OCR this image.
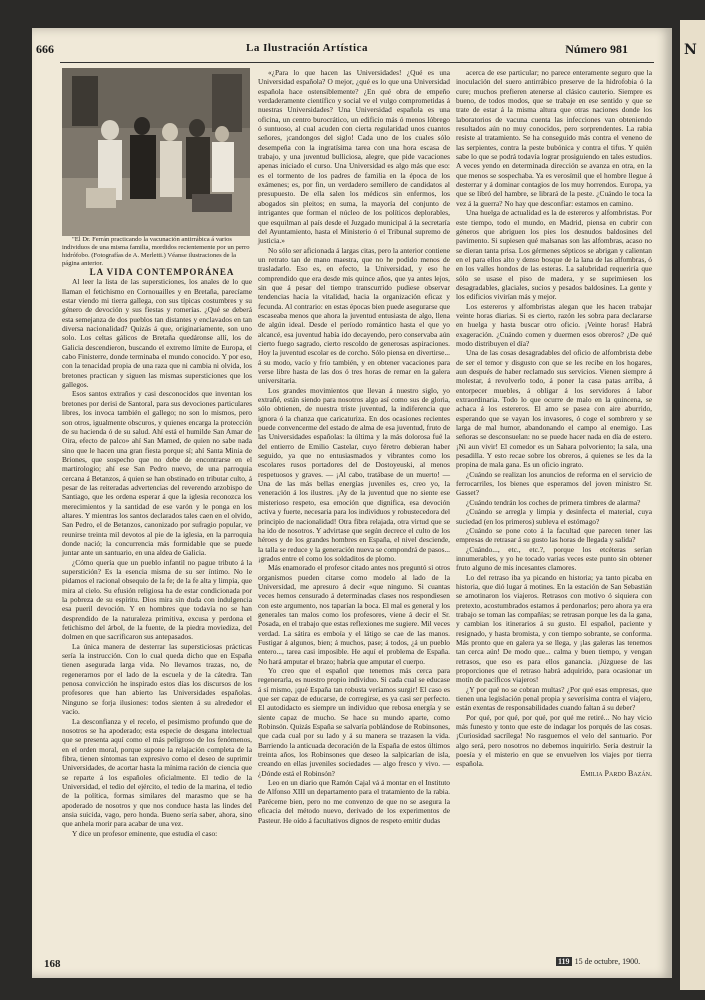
N
666	La Ilustración Artística	Número 981

"El Dr. Ferrán practicando la vacunación antirrábica á varios individuos de una misma familia, mordidos recientemente por un perro hidrófobo. (Fotografías de A. Merletti.) Véanse ilustraciones de la página anterior.

LA VIDA CONTEMPORÁNEA

Al leer la lista de las supersticiones, los anales de lo que llaman el fetichismo en Cornouailles y en Bretaña, parecíame estar viendo mi tierra gallega, con sus típicas costumbres y su género de devoción y sus fiestas y romerías. ¿Qué se deberá esta semejanza de dos pueblos tan distantes y enclavados en tan diversa nacionalidad? Quizás á que, originariamente, son uno solo. Los celtas gálicos de Bretaña quedáronse allí, los de Galicia descendieron, buscando el extremo límite de Europa, el cabo Finisterre, donde terminaba el mundo conocido. Y por eso, con la tenacidad propia de una raza que ni cambia ni olvida, los bretones practican y siguen las mismas supersticiones que los gallegos.

Esos santos extraños y casi desconocidos que inventan los bretones por derisi de Santoral, para sus devociones particulares libres, los invoca también el gallego; no son lo mismos, pero son otros, igualmente obscuros, y quienes encarga la protección de su hacienda ó de su salud. Ahí está el humilde San Amar de Oira, efecto de palco» ahí San Mamed, de quien no sabe nada sino que le hacen una gran fiesta porque sí; ahí Santa Minia de Briones, que sospecho que no debe de encontrarse en el martirologio; ahí ese San Pedro nuevo, de una parroquia cercana á Betanzos, á quien se han obstinado en tributar culto, á pesar de las reiteradas advertencias del reverendo arzobispo de Santiago, que les ordena esperar á que la iglesia reconozca los merecimientos y la santidad de ese varón y le ponga en los altares. Y mientras los santos declarados tales caen en el olvido, San Pedro, el de Betanzos, canonizado por sufragio popular, ve reunirse treinta mil devotos al pie de la iglesia, en la parroquia donde nació; la concurrencia más formidable que se puede juntar ante un santuario, en una aldea de Galicia.

¿Cómo quería que un pueblo infantil no pague tributo á la superstición? Es la esencia misma de su ser íntimo. No le pidamos el racional obsequio de la fe; de la fe alta y limpia, que mira al cielo. Su efusión religiosa ha de estar condicionada por la pobreza de su espíritu. Dios mira sin duda con indulgencia esa pueril devoción. Y en hombres que todavía no se han desprendido de la naturaleza primitiva, excusa y perdona el fetichismo del árbol, de la fuente, de la piedra moviediza, del dolmen en que sacrificaron sus antepasados.

La única manera de desterrar las supersticiosas prácticas sería la instrucción. Con lo cual queda dicho que en España tienen asegurada larga vida. No llevamos trazas, no, de regenerarnos por el lado de la escuela y de la cátedra. Tan penosa convicción he inspirado estos días los discursos de los profesores que han abierto las Universidades españolas. Ninguno se forja ilusiones: todos sienten á su alrededor el vacío.

La desconfianza y el recelo, el pesimismo profundo que de nosotros se ha apoderado; esta especie de desgana intelectual que se presenta aquí como el más peligroso de los fenómenos, en el orden moral, porque supone la relajación completa de la fibra, tienen síntomas tan expresivo como el deseo de suprimir Universidades, de acortar hasta la mínima ración de ciencia que se reparte á los españoles oficialmente. El tedio de la Universidad, el tedio del ejército, el tedio de la marina, el tedio de la política, formas similares del marasmo que se ha apoderado de nosotros y que nos conduce hasta las lindes del ansia suicida, vago, pero honda. Bueno sería saber, ahora, sino que anhela morir para acabar de una vez.

Y dice un profesor eminente, que estudia el caso:

«¿Para lo que hacen las Universidades! ¿Qué es una Universidad española? O mejor, ¿qué es lo que una Universidad española hace ostensiblemente? ¿En qué obra de empeño verdaderamente científico y social ve el vulgo comprometidas á nuestras Universidades? Una Universidad española es una oficina, un centro burocrático, un edificio más ó menos lóbrego ó suntuoso, al cual acuden con cierta regularidad unos cuantos señores, ¡candongos del siglo! Cada uno de los cuales sólo desempeña con la ingratísima tarea con una hora escasa de trabajo, y una juventud bulliciosa, alegre, que pide vacaciones apenas iniciado el curso. Una Universidad es algo más que eso: es el tormento de los padres de familia en la época de los exámenes; es, por fin, un verdadero semillero de candidatos al presupuesto. De ella salen los médicos sin enfermos, los abogados sin pleitos; en suma, la mayoría del conjunto de intrigantes que forman el núcleo de los políticos deplorables, que esquilman al país desde el Juzgado municipal á la secretaría del Ayuntamiento, hasta el Ministerio ó el Tribunal supremo de justicia.»

No sólo ser aficionada á largas citas, pero la anterior contiene un retrato tan de mano maestra, que no he podido menos de trasladarlo. Eso es, en efecto, la Universidad, y eso he comprendido que era desde mis quince años, que ya antes lejos, sin que á pesar del tiempo transcurrido pudiese observar tendencias hacia la vitalidad, hacia la organización eficaz y fecunda. Al contrario: en estas épocas bien puede asegurarse que escaseaba menos que ahora la juventud entusiasta de algo, llena de algún ideal. Desde el período romántico hasta el que yo alcancé, esa juventud había ido decayendo, pero conservaba aún cierto fuego sagrado, cierto rescoldo de generosas aspiraciones. Hoy la juventud escolar es de corcho. Sólo piensa en divertirse... á su modo, vacío y frío también, y en obtener vacaciones para verse libre hasta de las dos ó tres horas de remar en la galera universitaria.

Los grandes movimientos que llevan á nuestro siglo, yo extrañé, están siendo para nosotros algo así como sus de gloria, sólo obtienen, de nuestra triste juventud, la indiferencia que ignora ó la chanza que caricaturiza. En dos ocasiones recientes puede convencerme del estado de alma de esa juventud, fruto de las Universidades españolas: la última y la más dolorosa fué la del entierro de Emilio Castelar, cuyo féretro debieran haber seguido, ya que no entusiasmados y vibrantes como los escolares rusos portadores del de Dostoyeuski, al menos respetuosos y graves. — ¡Al cabo, tratábase de un muerto! — Una de las más bellas energías juveniles es, creo yo, la veneración á los ilustres. ¡Ay de la juventud que no siente ese misterioso respeto, esa emoción que dignifica, esa devoción activa y fuerte, necesaria para los individuos y robustecedora del principio de nacionalidad! Otra fibra relajada, otra virtud que se ha ido de nosotros. Y advirtase que según decrece el culto de los héroes y de los grandes hombres en España, el nivel desciende, la talla se reduce y la generación nueva se compondrá de pasos... ¡grados entre el como los soldaditos de plomo.

Más enamorado el profesor citado antes nos preguntó si otros organismos pueden citarse como modelo al lado de la Universidad, me apresuro á decir «que ninguno. Si cuantas veces hemos censurado á determinadas clases nos respondiesen con este argumento, nos taparían la boca. El mal es general y los generales tan malos como los profesores, viene á decir el Sr. Posada, en el trabajo que estas reflexiones me sugiere. Mil veces verdad. La sátira es emboía y el látigo se cae de las manos. Fustigar á algunos, bien; á muchos, pase; á todos, ¿á un pueblo entero..., tarea casi imposible. He aquí el problema de España. No hará amputar el brazo; habría que amputar el cuerpo.

Yo creo que el español que tenemos más cerca para regenerarla, es nuestro propio individuo. Si cada cual se educase á sí mismo, ¡qué España tan robusta veríamos surgir! El caso es que ser capaz de educarse, de corregirse, es ya casi ser perfecto. El autodidacto es siempre un individuo que rebosa energía y se siente capaz de mucho. Se hace su mundo aparte, como Robinsón. Quizás España se salvaría poblándose de Robinsones, que cada cual por su lado y á su manera se trazasen la vida. Barriendo la anticuada decoración de la España de estos últimos treinta años, los Robinsones que deseo la salpicarían de isla, creando en ellas juveniles sociedades — algo fresco y vivo. — ¿Dónde está el Robinsón?

Leo en un diario que Ramón Cajal vá á montar en el Instituto de Alfonso XIII un departamento para el tratamiento de la rabia. Paréceme bien, pero no me convenzo de que no se asegura la eficacia del método nuevo, derivado de los experimentos de Pasteur. He oído á facultativos dignos de respeto emitir dudas

acerca de ese particular; no parece enteramente seguro que la inoculación del suero antirrábico preserve de la hidrofobia ó la cure; muchos prefieren atenerse al clásico cauterio. Siempre es bueno, de todos modos, que se trabaje en ese sentido y que se trate de estar á la misma altura que otras naciones donde los laboratorios de vacuna cuenta las infecciones van obteniendo resultados aún no muy conocidos, pero sorprendentes. La rabia resiste al tratamiento. Se ha conseguido más contra el veneno de las serpientes, contra la peste bubónica y contra el tifus. Y quién sabe lo que se podrá todavía lograr prosiguiendo en tales estudios. A veces yendo en determinada dirección se avanza en otra, en la que menos se sospechaba. Ya es verosímil que el hombre llegue á desterrar y á dominar contagios de los muy horrendos. Europa, ya que se libró del hambre, se librará de la peste. ¿Cuándo le toca la vez á la guerra? No hay que desconfiar: estamos en camino.

Una huelga de actualidad es la de estereros y alfombristas. Por este tiempo, todo el mundo, en Madrid, piensa en cubrir con géneros que abriguen los pies los desnudos baldosines del pavimento. Si supiesen qué malsanas son las alfombras, acaso no se dieran tanta prisa. Los gérmenes sépticos se abrigan y calientan en el para ellos alto y denso bosque de la lana de las alfombras, ó en los valles hondos de las esteras. La salubridad requeriría que sólo se usase el piso de madera, y se suprimiesen los desagradables, glaciales, sucios y pesados baldosines. La gente y los edificios vivirían más y mejor.

Los estereros y alfombristas alegan que les hacen trabajar veinte horas diarias. Si es cierto, razón les sobra para declararse en huelga y hasta buscar otro oficio. ¡Veinte horas! Habrá exageración. ¿Cuándo comen y duermen esos obreros? ¿De qué modo distribuyen el día?

Una de las cosas desagradables del oficio de alfombrista debe de ser el temor y disgusto con que se les recibe en los hogares, aun después de haber reclamado sus servicios. Vienen siempre á molestar, á revolverlo todo, á poner la casa patas arriba, á entorpecer muebles, á obligar á los servidores á labor extraordinaria. Todo lo que ocurre de malo en la quincena, se achaca á los estereros. El amo se pasea con aire aburrido, esperando que se vayan los invasores, ó coge el sombrero y se larga de mal humor, abandonando el campo al enemigo. Las señoras se desconsuelan: no se puede hacer nada en día de estero. ¡Ni aun vivir! El comedor es un Sahara polvoriento; la sala, una pesadilla. Y esto recae sobre los obreros, á quienes se les da la propina de mala gana. Es un oficio ingrato.

¿Cuándo se realizan los anuncios de reforma en el servicio de ferrocarriles, los bienes que esperamos del joven ministro Sr. Gasset?

¿Cuándo tendrán los coches de primera timbres de alarma?

¿Cuándo se arregla y limpia y desinfecta el material, cuya suciedad (en los primeros) subleva el estómago?

¿Cuándo se pone coto á la facultad que parecen tener las empresas de retrasar á su gusto las horas de llegada y salida?

¿Cuándo..., etc., etc.?, porque los etcéteras serían innumerables, y yo he tocado varias veces este punto sin obtener fruto alguno de mis incesantes clamores.

Lo del retraso iba ya picando en historia; ya tanto picaba en historia, que dió lugar á motines. En la estación de San Sebastián se amotinaron los viajeros. Retrasos con motivo ó siquiera con pretexto, acostumbrados estamos á perdonarlos; pero ahora ya era trabajo se toman las compañías; se retrasan porque les da la gana, y cambian los itinerarios á su gusto. El español, paciente y resignado, y hasta bromista, y con tiempo sobrante, se conforma. Más pronto que en galera ya se llega, y ¡las galeras las tenemos tan cerca aún! De modo que... calma y buen tiempo, y vengan retrasos, que eso es para ellos ganancia. ¡Júzguese de las proporciones que el retraso habrá adquirido, para ocasionar un motín de pacíficos viajeros!

¿Y por qué no se cobran multas? ¿Por qué esas empresas, que tienen una legislación penal propia y severísima contra el viajero, están exentas de responsabilidades cuando faltan á su deber?

Por qué, por qué, por qué, por qué me retiré... No hay vicio más funesto y tonto que este de indagar los porqués de las cosas. ¡Curiosidad sacrílega! No rasguemos el velo del santuario. Por algo será, pero nosotros no debemos inquirirlo. Sería destruir la poesía y el misterio en que se envuelven los viajes por tierra española.

Emilia Pardo Bazán.

168	119 15 de octubre, 1900.
